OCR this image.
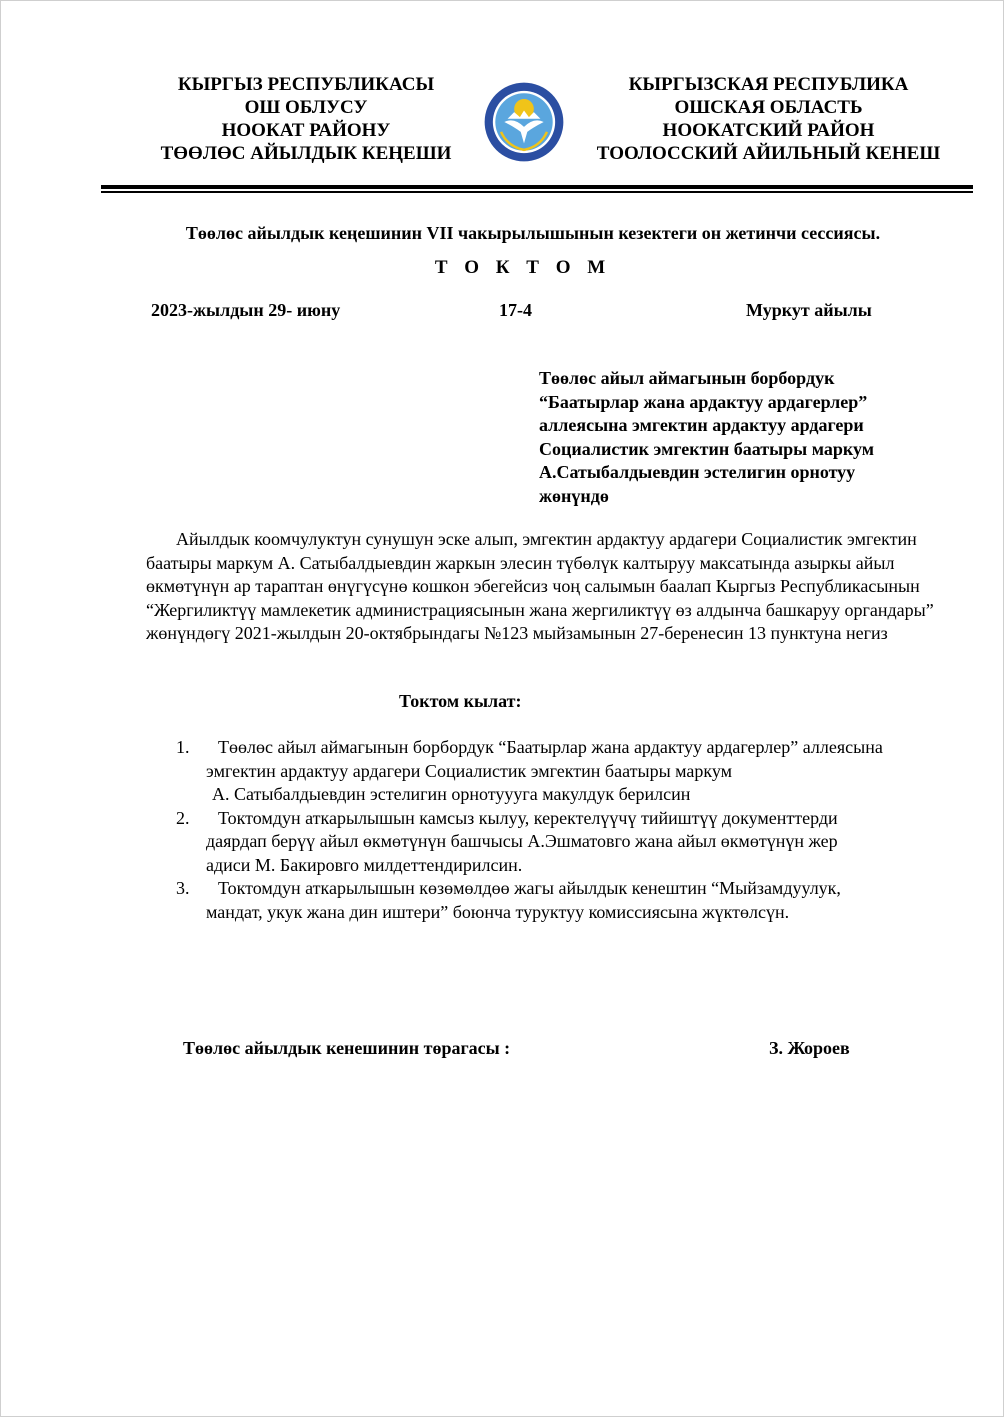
КЫРГЫЗ РЕСПУБЛИКАСЫ
ОШ ОБЛУСУ
НООКАТ РАЙОНУ
ТӨӨЛӨС АЙЫЛДЫК КЕҢЕШИ
КЫРГЫЗСКАЯ РЕСПУБЛИКА
ОШСКАЯ ОБЛАСТЬ
НООКАТСКИЙ РАЙОН
ТООЛОССКИЙ АЙИЛЬНЫЙ КЕНЕШ
Төөлөс айылдык кеңешинин VII чакырылышынын кезектеги он жетинчи сессиясы.
Т О К Т О М
2023-жылдын 29- июну	17-4	Муркут айылы
Төөлөс айыл аймагынын борбордук
“Баатырлар жана ардактуу ардагерлер”
аллеясына эмгектин ардактуу ардагери
Социалистик эмгектин баатыры маркум
А.Сатыбалдыевдин эстелигин орнотуу
жөнүндө
Айылдык коомчулуктун сунушун эске алып, эмгектин ардактуу ардагери Социалистик эмгектин баатыры маркум А. Сатыбалдыевдин жаркын элесин түбөлүк калтыруу максатында азыркы айыл өкмөтүнүн ар тараптан өнүгүсүнө кошкон эбегейсиз чоң салымын баалап Кыргыз Республикасынын “Жергиликтүү мамлекетик администрациясынын жана жергиликтүү өз алдынча башкаруу органдары” жөнүндөгү 2021-жылдын 20-октябрындагы №123 мыйзамынын 27-беренесин 13 пунктуна негиз
Токтом кылат:
1.	Төөлөс айыл аймагынын борбордук “Баатырлар жана ардактуу ардагерлер” аллеясына
эмгектин ардактуу ардагери Социалистик эмгектин баатыры маркум
А. Сатыбалдыевдин эстелигин орнотуууга макулдук берилсин
2.	Токтомдун аткарылышын камсыз кылуу, керектелүүчү тийиштүү документтерди
даярдап берүү айыл өкмөтүнүн башчысы А.Эшматовго жана айыл өкмөтүнүн жер
адиси М. Бакировго милдеттендирилсин.
3.	Токтомдун аткарылышын көзөмөлдөө жагы айылдык кенештин “Мыйзамдуулук,
мандат, укук жана дин иштери” боюнча туруктуу комиссиясына жүктөлсүн.
Төөлөс айылдык кенешинин төрагасы :	З. Жороев
